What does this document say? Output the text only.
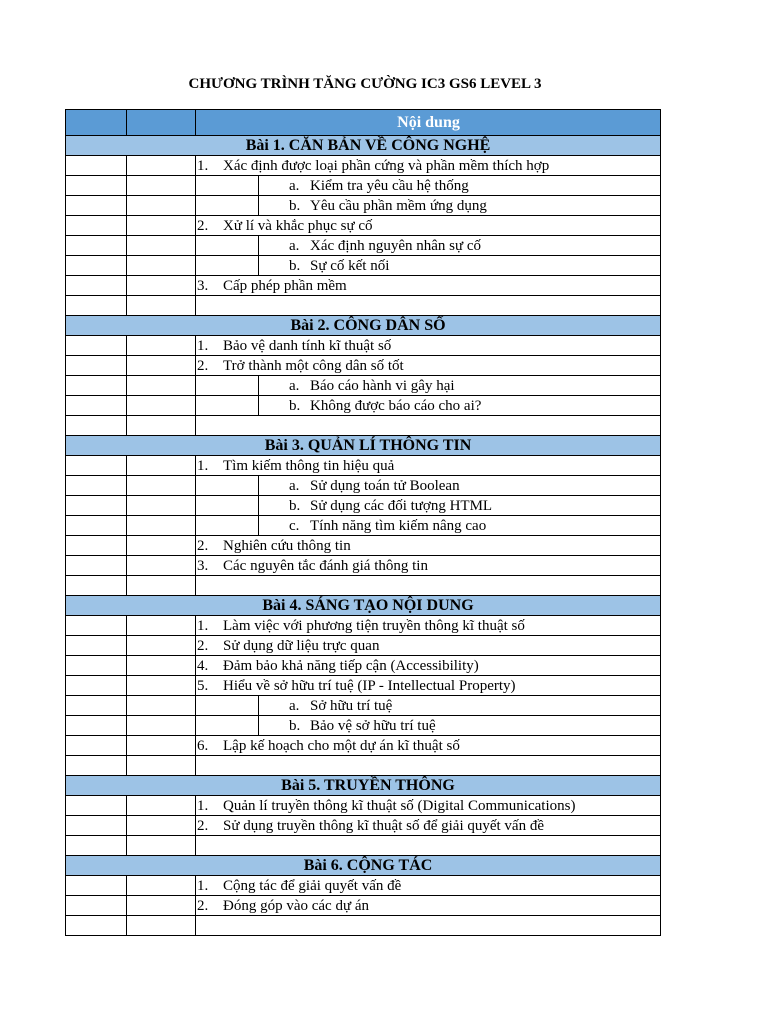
CHƯƠNG TRÌNH TĂNG CƯỜNG IC3 GS6 LEVEL 3
Nội dung
Bài 1. CĂN BẢN VỀ CÔNG NGHỆ
1. Xác định được loại phần cứng và phần mềm thích hợp
a. Kiểm tra yêu cầu hệ thống
b. Yêu cầu phần mềm ứng dụng
2. Xử lí và khắc phục sự cố
a. Xác định nguyên nhân sự cố
b. Sự cố kết nối
3. Cấp phép phần mềm
Bài 2. CÔNG DÂN SỐ
1. Bảo vệ danh tính kĩ thuật số
2. Trở thành một công dân số tốt
a. Báo cáo hành vi gây hại
b. Không được báo cáo cho ai?
Bài 3. QUẢN LÍ THÔNG TIN
1. Tìm kiếm thông tin hiệu quả
a. Sử dụng toán tử Boolean
b. Sử dụng các đối tượng HTML
c. Tính năng tìm kiếm nâng cao
2. Nghiên cứu thông tin
3. Các nguyên tắc đánh giá thông tin
Bài 4. SÁNG TẠO NỘI DUNG
1. Làm việc với phương tiện truyền thông kĩ thuật số
2. Sử dụng dữ liệu trực quan
4. Đảm bảo khả năng tiếp cận (Accessibility)
5. Hiểu về sở hữu trí tuệ (IP - Intellectual Property)
a. Sở hữu trí tuệ
b. Bảo vệ sở hữu trí tuệ
6. Lập kế hoạch cho một dự án kĩ thuật số
Bài 5. TRUYỀN THÔNG
1. Quản lí truyền thông kĩ thuật số (Digital Communications)
2. Sử dụng truyền thông kĩ thuật số để giải quyết vấn đề
Bài 6. CỘNG TÁC
1. Cộng tác để giải quyết vấn đề
2. Đóng góp vào các dự án
